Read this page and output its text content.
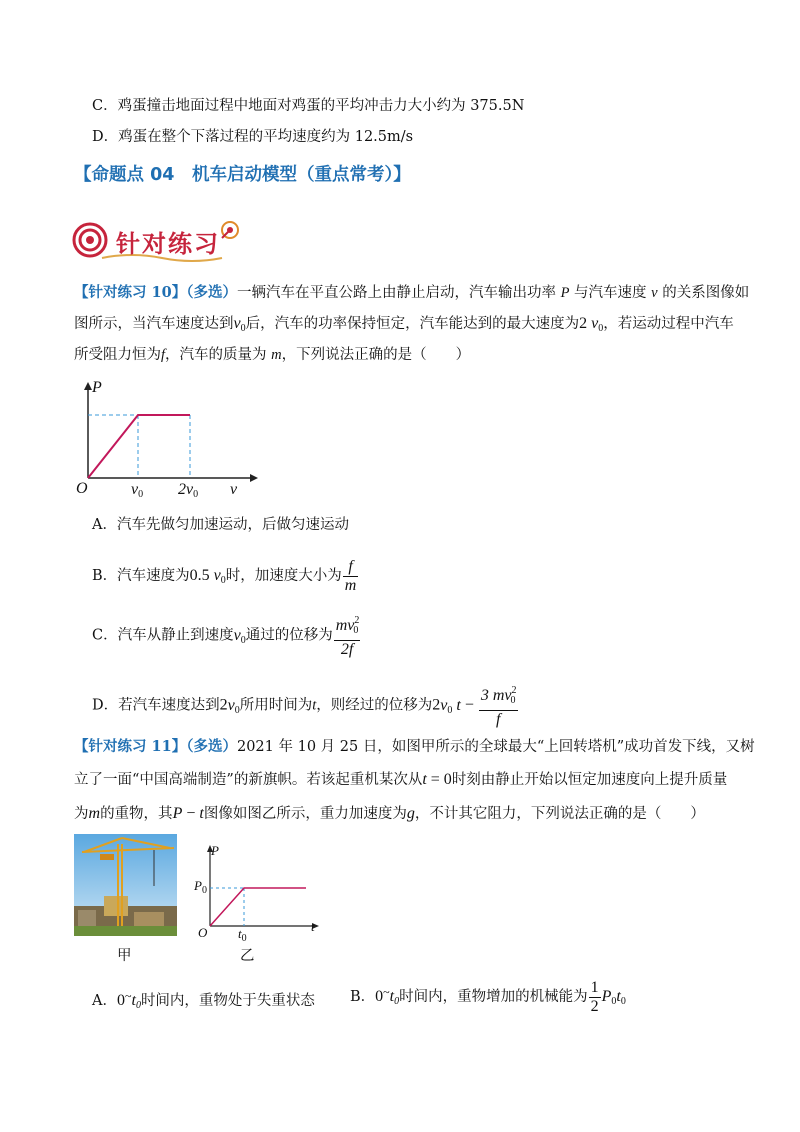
C．鸡蛋撞击地面过程中地面对鸡蛋的平均冲击力大小约为 375.5N
D．鸡蛋在整个下落过程的平均速度约为 12.5m/s
【命题点 04　机车启动模型（重点常考）】
针对练习
【针对练习 10】（多选）一辆汽车在平直公路上由静止启动，汽车输出功率 P 与汽车速度 v 的关系图像如
图所示，当汽车速度达到$v_0$后，汽车的功率保持恒定，汽车能达到的最大速度为2 $v_0$，若运动过程中汽车
所受阻力恒为f，汽车的质量为 m，下列说法正确的是（　　）
P
O	$v_0$ $2v_0$ v
A．汽车先做匀加速运动，后做匀速运动
B．汽车速度为0.5 $v_0$时，加速度大小为 $\frac{f}{m}$
C．汽车从静止到速度$v_0$通过的位移为 $\frac{mv^2_0}{2f}$
D．若汽车速度达到$2v_0$所用时间为t，则经过的位移为$2v_0$ $t - \frac{3 mv^2_0}{f}$
【针对练习 11】（多选）2021 年 10 月 25 日，如图甲所示的全球最大“上回转塔机”成功首发下线，又树
立了一面“中国高端制造”的新旗帜。若该起重机某次从t = 0时刻由静止开始以恒定加速度向上提升质量
为m的重物，其P − t图像如图乙所示，重力加速度为g，不计其它阻力，下列说法正确的是（　　）
甲
P
$P_0$
O $t_0$
t
乙
A．$0^\sim t_0$时间内，重物处于失重状态 B．$0^\sim t_0$时间内，重物增加的机械能为 $\frac{1}{2} P_0t_0$
